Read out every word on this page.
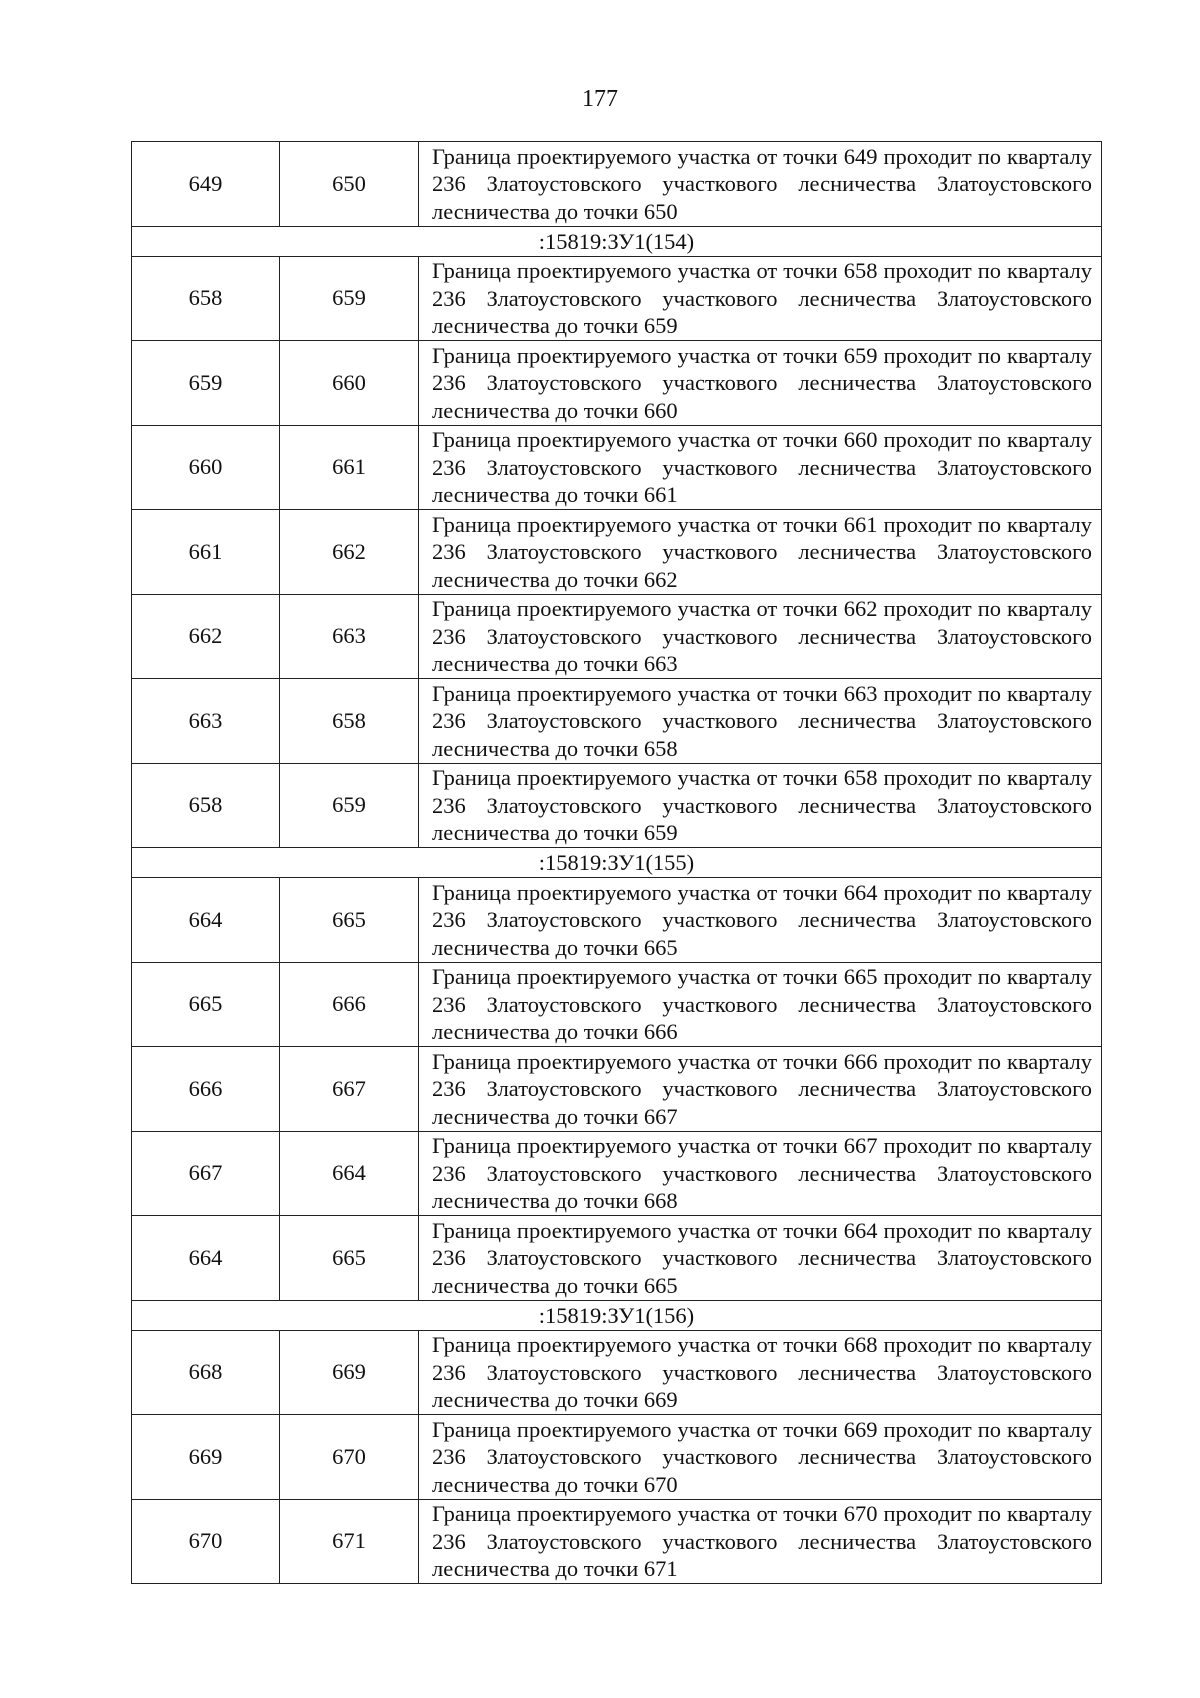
177
649	650	Граница проектируемого участка от точки 649 проходит по кварталу 236 Златоустовского участкового лесничества Златоустовского лесничества до точки 650
:15819:ЗУ1(154)		
658	659	Граница проектируемого участка от точки 658 проходит по кварталу 236 Златоустовского участкового лесничества Златоустовского лесничества до точки 659
659	660	Граница проектируемого участка от точки 659 проходит по кварталу 236 Златоустовского участкового лесничества Златоустовского лесничества до точки 660
660	661	Граница проектируемого участка от точки 660 проходит по кварталу 236 Златоустовского участкового лесничества Златоустовского лесничества до точки 661
661	662	Граница проектируемого участка от точки 661 проходит по кварталу 236 Златоустовского участкового лесничества Златоустовского лесничества до точки 662
662	663	Граница проектируемого участка от точки 662 проходит по кварталу 236 Златоустовского участкового лесничества Златоустовского лесничества до точки 663
663	658	Граница проектируемого участка от точки 663 проходит по кварталу 236 Златоустовского участкового лесничества Златоустовского лесничества до точки 658
658	659	Граница проектируемого участка от точки 658 проходит по кварталу 236 Златоустовского участкового лесничества Златоустовского лесничества до точки 659
:15819:ЗУ1(155)		
664	665	Граница проектируемого участка от точки 664 проходит по кварталу 236 Златоустовского участкового лесничества Златоустовского лесничества до точки 665
665	666	Граница проектируемого участка от точки 665 проходит по кварталу 236 Златоустовского участкового лесничества Златоустовского лесничества до точки 666
666	667	Граница проектируемого участка от точки 666 проходит по кварталу 236 Златоустовского участкового лесничества Златоустовского лесничества до точки 667
667	664	Граница проектируемого участка от точки 667 проходит по кварталу 236 Златоустовского участкового лесничества Златоустовского лесничества до точки 668
664	665	Граница проектируемого участка от точки 664 проходит по кварталу 236 Златоустовского участкового лесничества Златоустовского лесничества до точки 665
:15819:ЗУ1(156)		
668	669	Граница проектируемого участка от точки 668 проходит по кварталу 236 Златоустовского участкового лесничества Златоустовского лесничества до точки 669
669	670	Граница проектируемого участка от точки 669 проходит по кварталу 236 Златоустовского участкового лесничества Златоустовского лесничества до точки 670
670	671	Граница проектируемого участка от точки 670 проходит по кварталу 236 Златоустовского участкового лесничества Златоустовского лесничества до точки 671
